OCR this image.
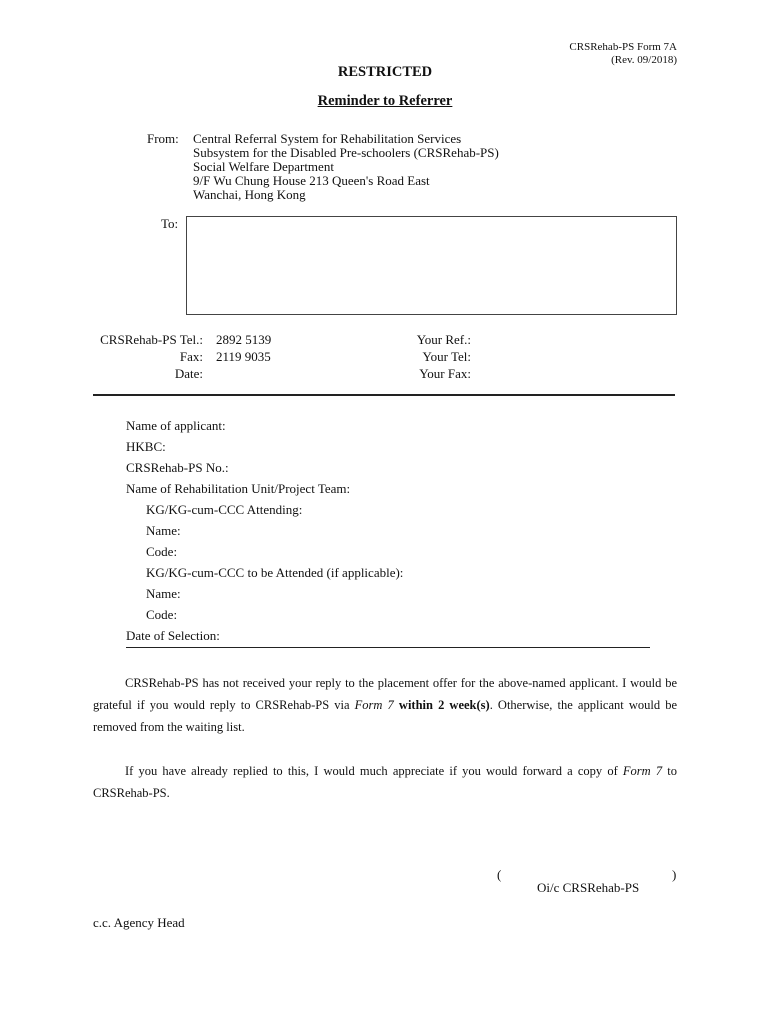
CRSRehab-PS Form 7A
(Rev. 09/2018)
RESTRICTED
Reminder to Referrer
From: Central Referral System for Rehabilitation Services
Subsystem for the Disabled Pre-schoolers (CRSRehab-PS)
Social Welfare Department
9/F Wu Chung House 213 Queen's Road East
Wanchai, Hong Kong
To:
CRSRehab-PS Tel.: 2892 5139
Fax: 2119 9035
Date:
Your Ref.:
Your Tel:
Your Fax:
Name of applicant:
HKBC:
CRSRehab-PS No.:
Name of Rehabilitation Unit/Project Team:
KG/KG-cum-CCC Attending:
Name:
Code:
KG/KG-cum-CCC to be Attended (if applicable):
Name:
Code:
Date of Selection:
CRSRehab-PS has not received your reply to the placement offer for the above-named applicant. I would be grateful if you would reply to CRSRehab-PS via Form 7 within 2 week(s). Otherwise, the applicant would be removed from the waiting list.
If you have already replied to this, I would much appreciate if you would forward a copy of Form 7 to CRSRehab-PS.
(	)
Oi/c CRSRehab-PS
c.c. Agency Head
